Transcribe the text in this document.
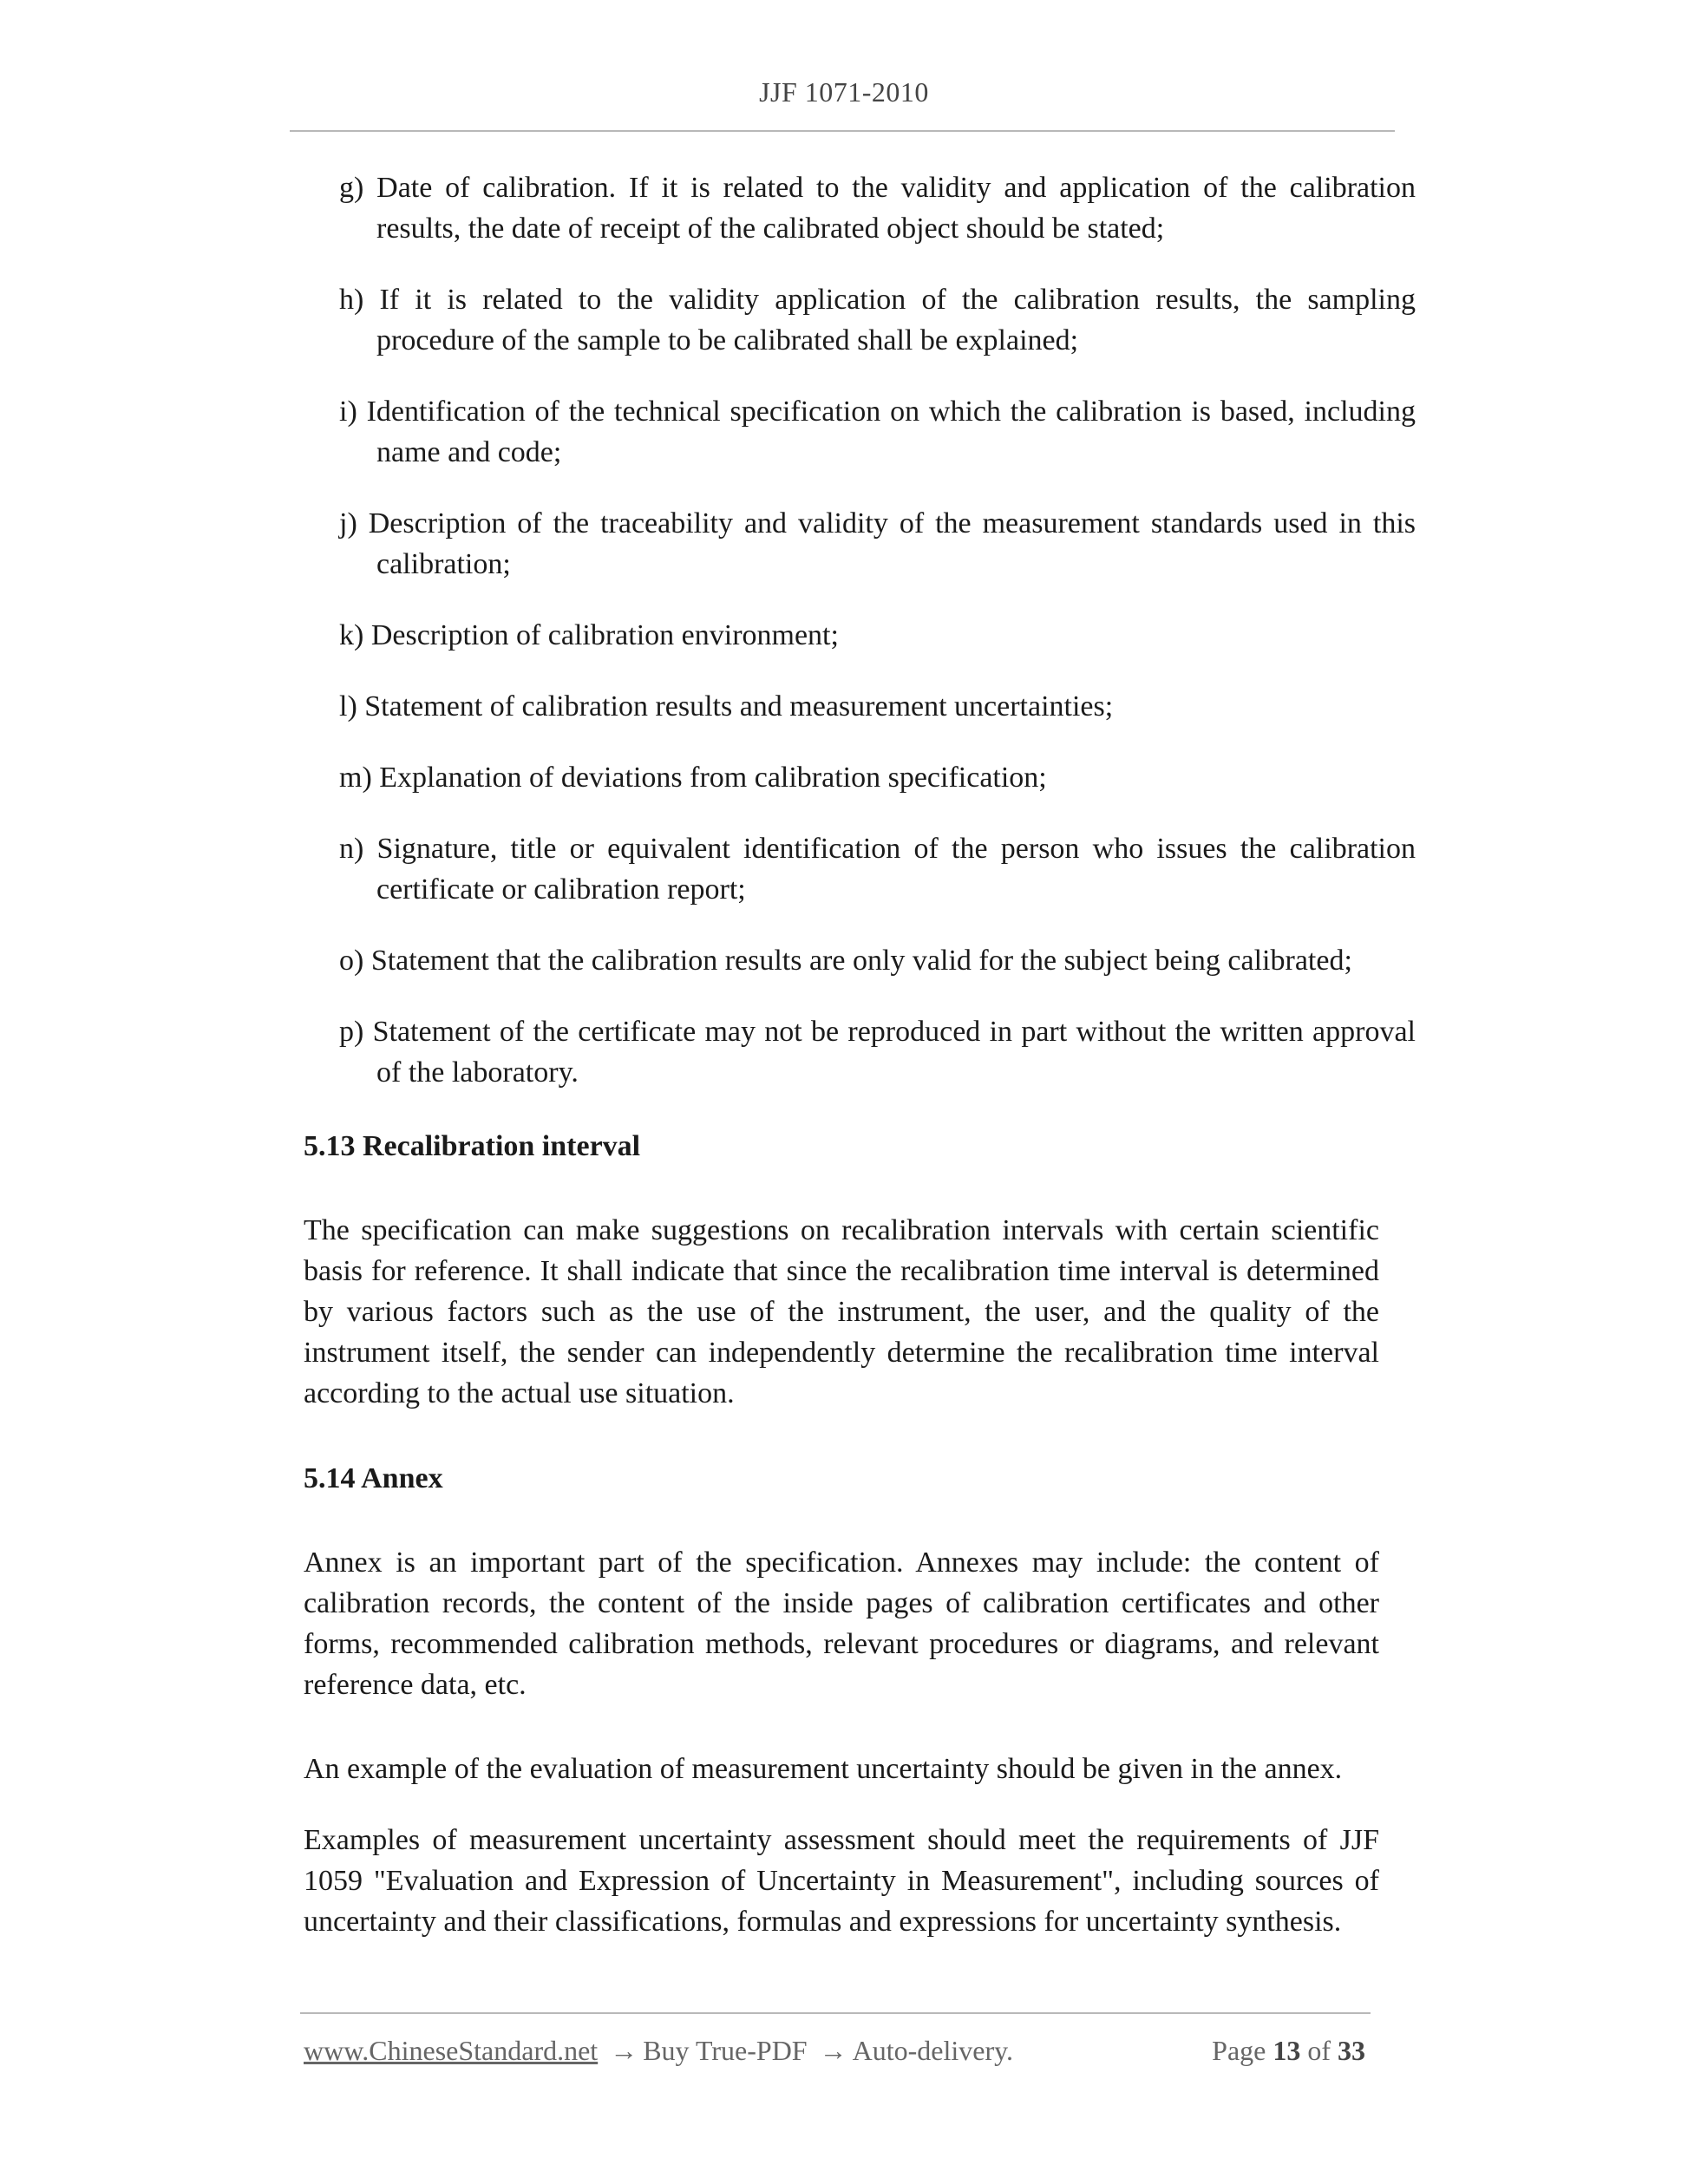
JJF 1071-2010

g) Date of calibration. If it is related to the validity and application of the calibration results, the date of receipt of the calibrated object should be stated;

h) If it is related to the validity application of the calibration results, the sampling procedure of the sample to be calibrated shall be explained;

i) Identification of the technical specification on which the calibration is based, including name and code;

j) Description of the traceability and validity of the measurement standards used in this calibration;

k) Description of calibration environment;

l) Statement of calibration results and measurement uncertainties;

m) Explanation of deviations from calibration specification;

n) Signature, title or equivalent identification of the person who issues the calibration certificate or calibration report;

o) Statement that the calibration results are only valid for the subject being calibrated;

p) Statement of the certificate may not be reproduced in part without the written approval of the laboratory.

5.13 Recalibration interval

The specification can make suggestions on recalibration intervals with certain scientific basis for reference. It shall indicate that since the recalibration time interval is determined by various factors such as the use of the instrument, the user, and the quality of the instrument itself, the sender can independently determine the recalibration time interval according to the actual use situation.

5.14 Annex

Annex is an important part of the specification. Annexes may include: the content of calibration records, the content of the inside pages of calibration certificates and other forms, recommended calibration methods, relevant procedures or diagrams, and relevant reference data, etc.

An example of the evaluation of measurement uncertainty should be given in the annex.

Examples of measurement uncertainty assessment should meet the requirements of JJF 1059 "Evaluation and Expression of Uncertainty in Measurement", including sources of uncertainty and their classifications, formulas and expressions for uncertainty synthesis.

www.ChineseStandard.net → Buy True-PDF → Auto-delivery.	Page 13 of 33
